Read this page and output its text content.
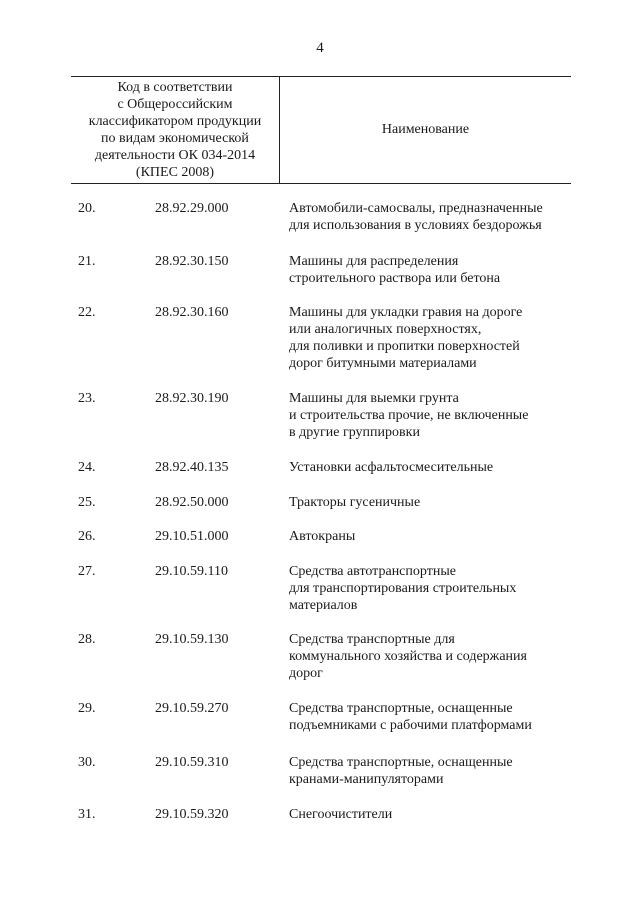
4
Код в соответствии
с Общероссийским
классификатором продукции
по видам экономической
деятельности ОК 034-2014
(КПЕС 2008)
Наименование
20.	28.92.29.000	Автомобили-самосвалы, предназначенные
для использования в условиях бездорожья
21.	28.92.30.150	Машины для распределения
строительного раствора или бетона
22.	28.92.30.160	Машины для укладки гравия на дороге
или аналогичных поверхностях,
для поливки и пропитки поверхностей
дорог битумными материалами
23.	28.92.30.190	Машины для выемки грунта
и строительства прочие, не включенные
в другие группировки
24.	28.92.40.135	Установки асфальтосмесительные
25.	28.92.50.000	Тракторы гусеничные
26.	29.10.51.000	Автокраны
27.	29.10.59.110	Средства автотранспортные
для транспортирования строительных
материалов
28.	29.10.59.130	Средства транспортные для
коммунального хозяйства и содержания
дорог
29.	29.10.59.270	Средства транспортные, оснащенные
подъемниками с рабочими платформами
30.	29.10.59.310	Средства транспортные, оснащенные
кранами-манипуляторами
31.	29.10.59.320	Снегоочистители
